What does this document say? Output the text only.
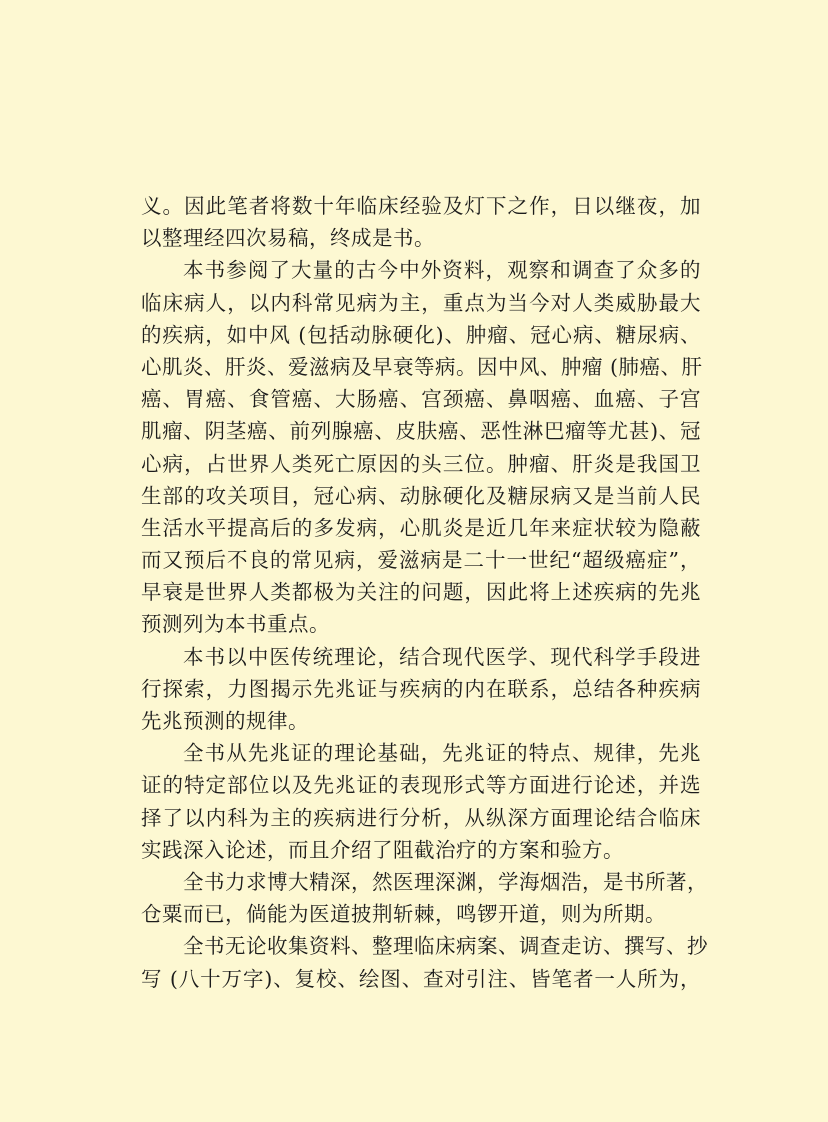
义。因此笔者将数十年临床经验及灯下之作，日以继夜，加
以整理经四次易稿，终成是书。
本书参阅了大量的古今中外资料，观察和调查了众多的
临床病人，以内科常见病为主，重点为当今对人类威胁最大
的疾病，如中风 (包括动脉硬化)、肿瘤、冠心病、糖尿病、
心肌炎、肝炎、爱滋病及早衰等病。因中风、肿瘤 (肺癌、肝
癌、胃癌、食管癌、大肠癌、宫颈癌、鼻咽癌、血癌、子宫
肌瘤、阴茎癌、前列腺癌、皮肤癌、恶性淋巴瘤等尤甚)、冠
心病，占世界人类死亡原因的头三位。肿瘤、肝炎是我国卫
生部的攻关项目，冠心病、动脉硬化及糖尿病又是当前人民
生活水平提高后的多发病，心肌炎是近几年来症状较为隐蔽
而又预后不良的常见病，爱滋病是二十一世纪“超级癌症”，
早衰是世界人类都极为关注的问题，因此将上述疾病的先兆
预测列为本书重点。
本书以中医传统理论，结合现代医学、现代科学手段进
行探索，力图揭示先兆证与疾病的内在联系，总结各种疾病
先兆预测的规律。
全书从先兆证的理论基础，先兆证的特点、规律，先兆
证的特定部位以及先兆证的表现形式等方面进行论述，并选
择了以内科为主的疾病进行分析，从纵深方面理论结合临床
实践深入论述，而且介绍了阻截治疗的方案和验方。
全书力求博大精深，然医理深渊，学海烟浩，是书所著，
仓粟而已，倘能为医道披荆斩棘，鸣锣开道，则为所期。
全书无论收集资料、整理临床病案、调查走访、撰写、抄
写 (八十万字)、复校、绘图、查对引注、皆笔者一人所为，
